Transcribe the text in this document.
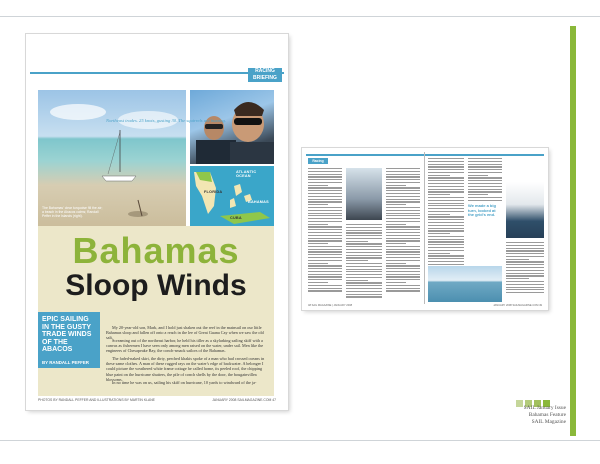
RACING BRIEFING
The Bahamas' clear turquoise fill the air; a beach in the Abacos calms; Randall Peffer in the Islands (right).
ATLANTIC OCEAN
FLORIDA
BAHAMAS
CUBA
Bahamas
Sloop Winds
Northeast trades. 25 knots, gusting 30. The squirrels are buzzing.

My 20-year-old son, Mark, and I hold just shaken out the reef in the mainsail on our little Bahamas sloop and fallen off onto a reach in the lee of Great Guana Cay when we saw the old salt.

Screaming out of the northeast harbor, he held his tiller as a skylarking sailing skiff with a canvas as fishermen I have seen only among men raised on the water, under sail. Men like the engineers of Chesapeake Bay, the conch-smack sailors of the Bahamas.

The faded-naked skirt, the dirty, perched khakis spoke of a man who had crossed oceans in these same clothes. A man of these rugged rays on the water's edge of backwater. A belonger I could picture the weathered white frame cottage he called home, its peeled roof, the chipping blue paint on the hurricane shutters, the pile of conch shells by the door, the bougainvillea blossoms.

In no time he was on us, sailing his skiff on hurricane, 10 yards to windward of the ja-

EPIC SAILING IN THE GUSTY TRADE WINDS OF THE ABACOS
BY RANDALL PEFFER
PHOTOS BY RANDALL PEFFER AND ILLUSTRATIONS BY MARTIN KLANE	JANUARY 2008 SAILMAGAZINE.COM 47
Racing
We made a big turn, looked at the grid's end.
48 SAIL MAGAZINE | JANUARY 2008	JANUARY 2008 SAILMAGAZINE.COM 49
SAIL January Issue
Bahamas Feature
SAIL Magazine
